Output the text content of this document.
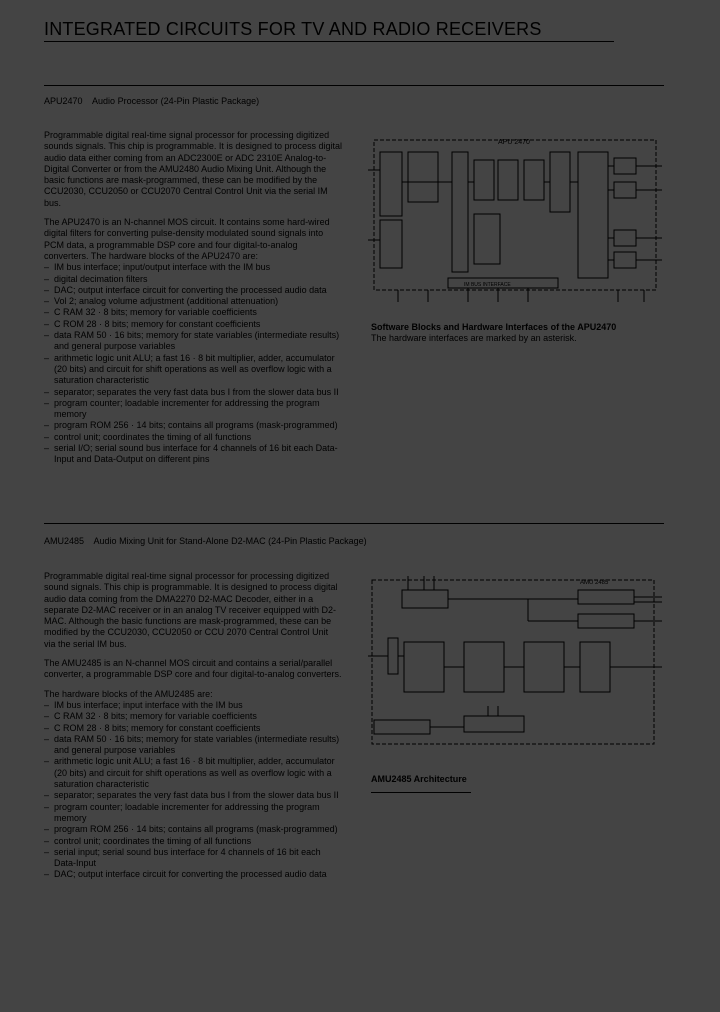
INTEGRATED CIRCUITS FOR TV AND RADIO RECEIVERS
APU2470 Audio Processor (24-Pin Plastic Package)

Programmable digital real-time signal processor for processing digitized sounds signals. This chip is programmable. It is designed to process digital audio data either coming from an ADC2300E or ADC 2310E Analog-to-Digital Converter or from the AMU2480 Audio Mixing Unit. Although the basic functions are mask-programmed, these can be modified by the CCU2030, CCU2050 or CCU2070 Central Control Unit via the serial IM bus.

The APU2470 is an N-channel MOS circuit. It contains some hard-wired digital filters for converting pulse-density modulated sound signals into PCM data, a programmable DSP core and four digital-to-analog converters. The hardware blocks of the APU2470 are:

– IM bus interface; input/output interface with the IM bus
– digital decimation filters
– DAC; output interface circuit for converting the processed audio data
– Vol 2; analog volume adjustment (additional attenuation)
– C RAM 32 · 8 bits; memory for variable coefficients
– C ROM 28 · 8 bits; memory for constant coefficients
– data RAM 50 · 16 bits; memory for state variables (intermediate results) and general purpose variables
– arithmetic logic unit ALU; a fast 16 · 8 bit multiplier, adder, accumulator (20 bits) and circuit for shift operations as well as overflow logic with a saturation characteristic
– separator; separates the very fast data bus I from the slower data bus II
– program counter; loadable incrementer for addressing the program memory
– program ROM 256 · 14 bits; contains all programs (mask-programmed)
– control unit; coordinates the timing of all functions
– serial I/O; serial sound bus interface for 4 channels of 16 bit each Data-Input and Data-Output on different pins
APU 2470
IM BUS INTERFACE
Software Blocks and Hardware Interfaces of the APU2470
The hardware interfaces are marked by an asterisk.
AMU2485 Audio Mixing Unit for Stand-Alone D2-MAC (24-Pin Plastic Package)

Programmable digital real-time signal processor for processing digitized sound signals. This chip is programmable. It is designed to process digital audio data coming from the DMA2270 D2-MAC Decoder, either in a separate D2-MAC receiver or in an analog TV receiver equipped with D2-MAC. Although the basic functions are mask-programmed, these can be modified by the CCU2030, CCU2050 or CCU 2070 Central Control Unit via the serial IM bus.

The AMU2485 is an N-channel MOS circuit and contains a serial/parallel converter, a programmable DSP core and four digital-to-analog converters.

The hardware blocks of the AMU2485 are:

– IM bus interface; input interface with the IM bus
– C RAM 32 · 8 bits; memory for variable coefficients
– C ROM 28 · 8 bits; memory for constant coefficients
– data RAM 50 · 16 bits; memory for state variables (intermediate results) and general purpose variables
– arithmetic logic unit ALU; a fast 16 · 8 bit multiplier, adder, accumulator (20 bits) and circuit for shift operations as well as overflow logic with a saturation characteristic
– separator; separates the very fast data bus I from the slower data bus II
– program counter; loadable incrementer for addressing the program memory
– program ROM 256 · 14 bits; contains all programs (mask-programmed)
– control unit; coordinates the timing of all functions
– serial input; serial sound bus interface for 4 channels of 16 bit each Data-Input
– DAC; output interface circuit for converting the processed audio data
AMU 2485
AMU2485 Architecture
